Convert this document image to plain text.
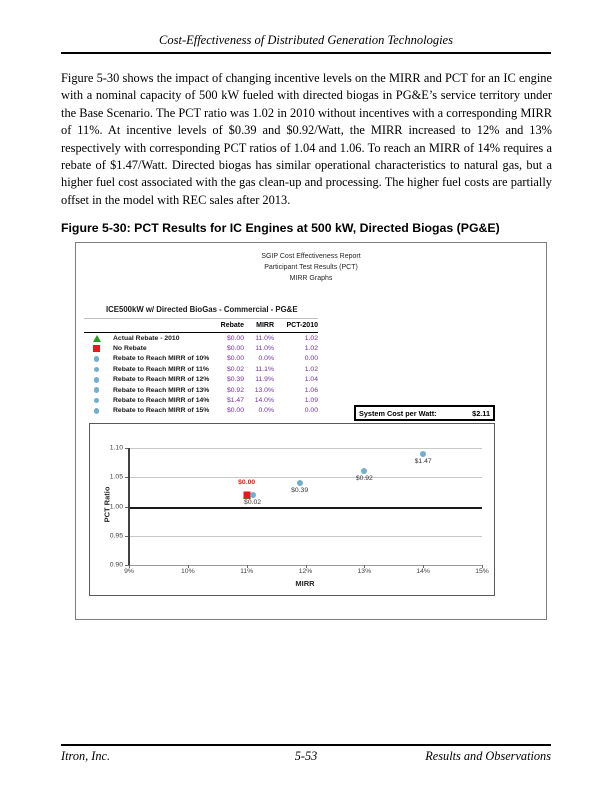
Cost-Effectiveness of Distributed Generation Technologies

Figure 5-30 shows the impact of changing incentive levels on the MIRR and PCT for an IC engine with a nominal capacity of 500 kW fueled with directed biogas in PG&E’s service territory under the Base Scenario. The PCT ratio was 1.02 in 2010 without incentives with a corresponding MIRR of 11%. At incentive levels of $0.39 and $0.92/Watt, the MIRR increased to 12% and 13% respectively with corresponding PCT ratios of 1.04 and 1.06. To reach an MIRR of 14% requires a rebate of $1.47/Watt. Directed biogas has similar operational characteristics to natural gas, but a higher fuel cost associated with the gas clean-up and processing. The higher fuel costs are partially offset in the model with REC sales after 2013.

Figure 5-30: PCT Results for IC Engines at 500 kW, Directed Biogas (PG&E)
SGIP Cost Effectiveness Report
Participant Test Results (PCT)
MIRR Graphs
ICE500kW w/ Directed BioGas - Commercial - PG&E
Rebate	MIRR	PCT-2010
Actual Rebate - 2010	$0.00	11.0%	1.02
No Rebate	$0.00	11.0%	1.02
Rebate to Reach MIRR of 10%	$0.00	0.0%	0.00
Rebate to Reach MIRR of 11%	$0.02	11.1%	1.02
Rebate to Reach MIRR of 12%	$0.39	11.9%	1.04
Rebate to Reach MIRR of 13%	$0.92	13.0%	1.06
Rebate to Reach MIRR of 14%	$1.47	14.0%	1.09
Rebate to Reach MIRR of 15%	$0.00	0.0%	0.00	System Cost per Watt:	$2.11
PCT Ratio
MIRR
1.10
1.05
1.00
0.95
0.90
9%	10%	11%	12%	13%	14%	15%
$0.00
$0.02
$0.39
$0.92
$1.47
5-53
Itron, Inc.	Results and Observations
